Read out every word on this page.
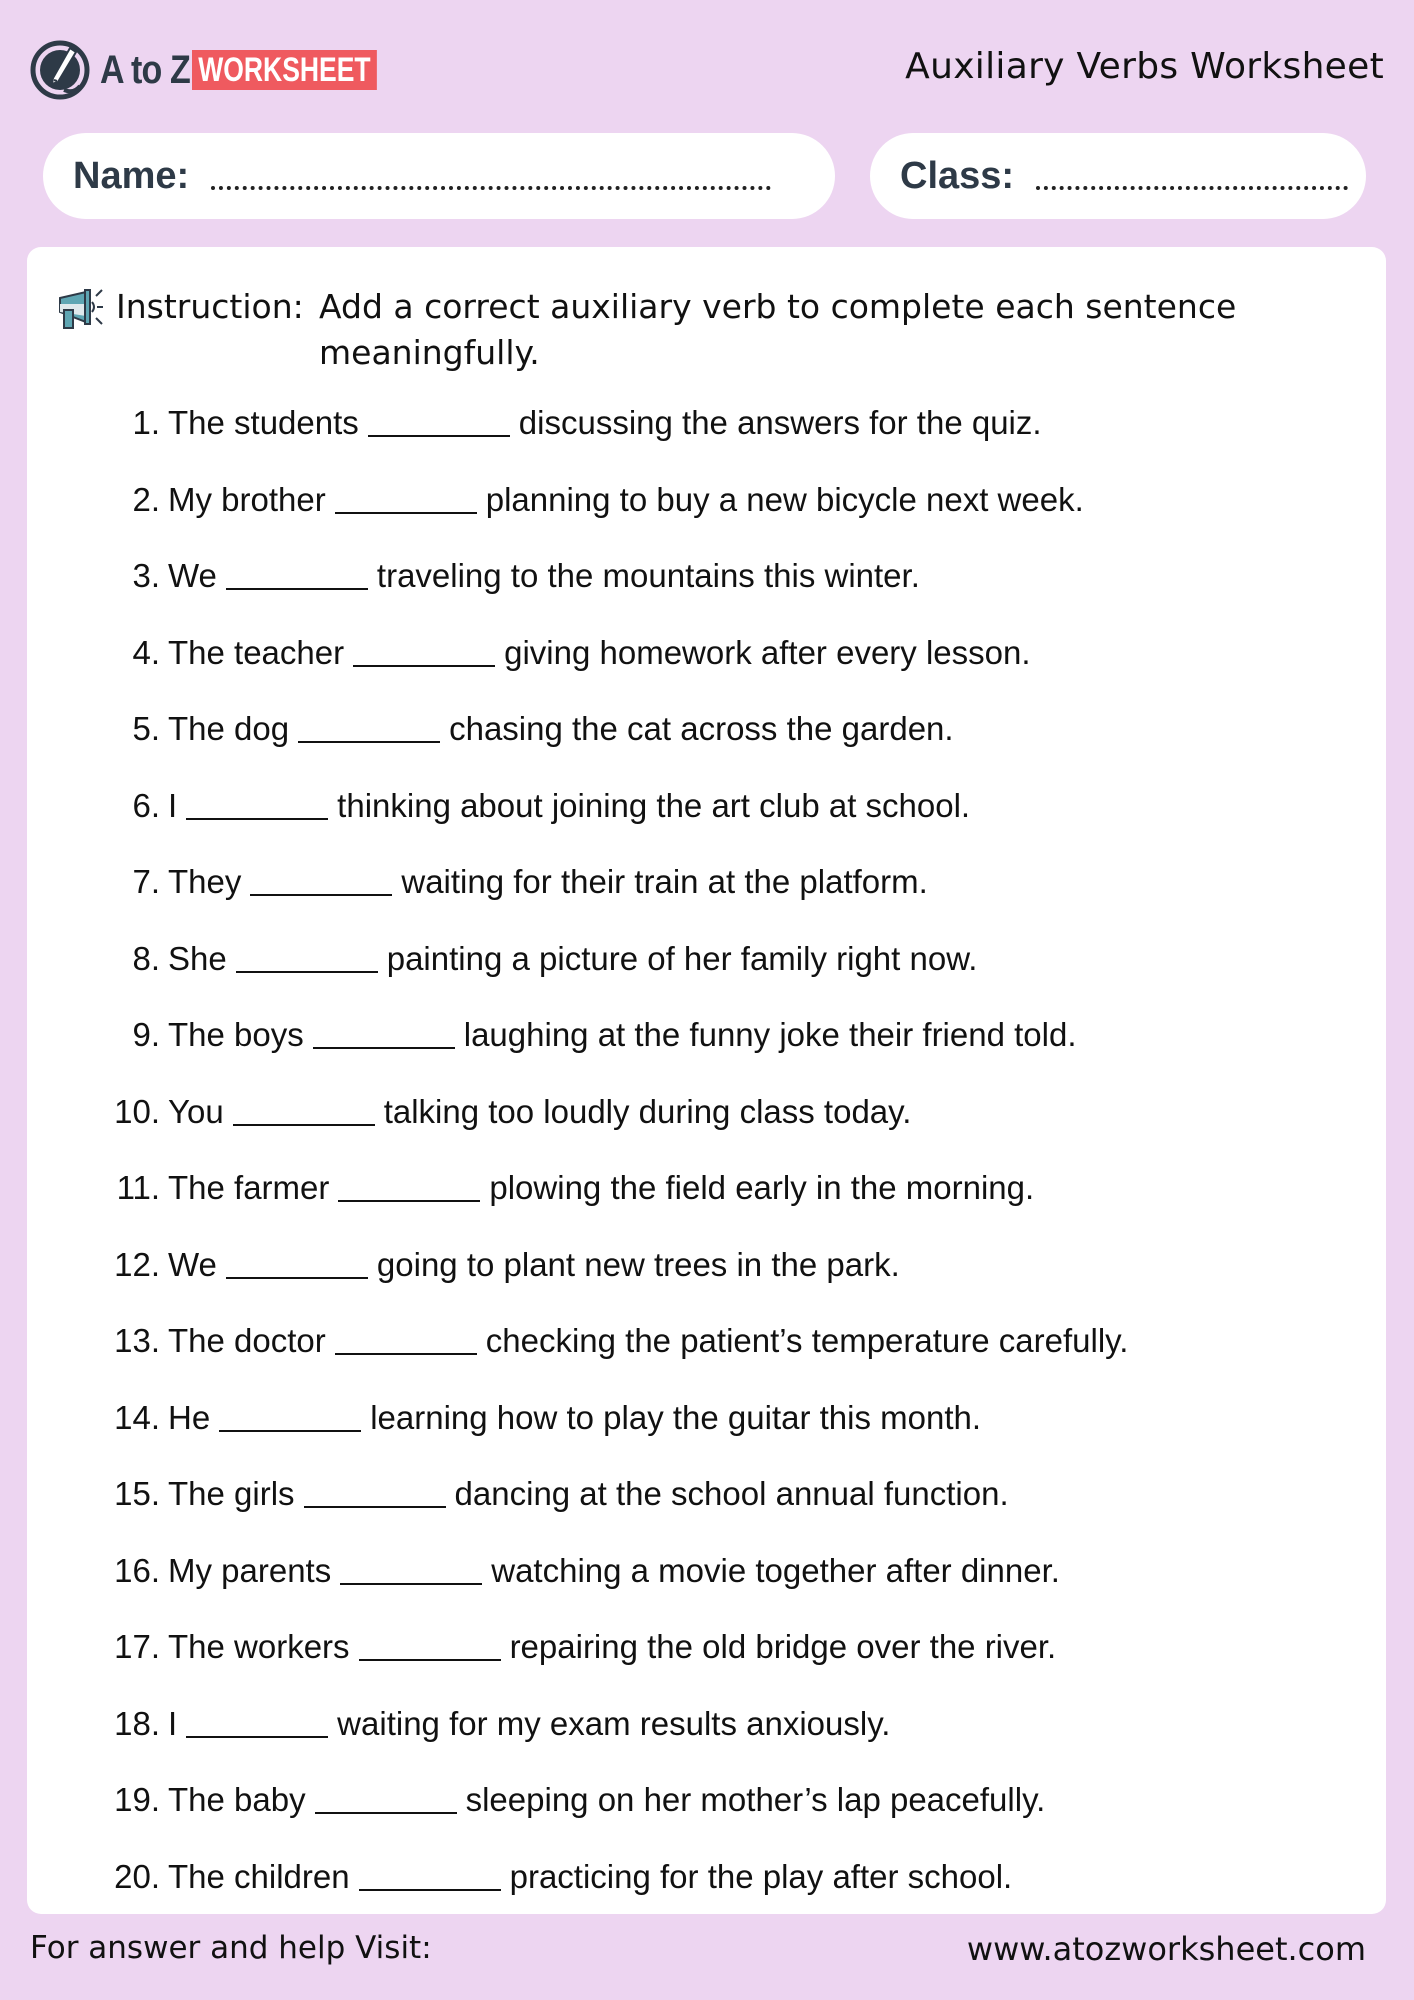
A to Z WORKSHEET	Auxiliary Verbs Worksheet
Name:	Class:
Instruction: Add a correct auxiliary verb to complete each sentence meaningfully.
1. The students	discussing the answers for the quiz.
2. My brother	planning to buy a new bicycle next week.
3. We	traveling to the mountains this winter.
4. The teacher	giving homework after every lesson.
5. The dog	chasing the cat across the garden.
6. I	thinking about joining the art club at school.
7. They	waiting for their train at the platform.
8. She	painting a picture of her family right now.
9. The boys	laughing at the funny joke their friend told.
10. You	talking too loudly during class today.
11. The farmer	plowing the field early in the morning.
12. We	going to plant new trees in the park.
13. The doctor	checking the patient’s temperature carefully.
14. He	learning how to play the guitar this month.
15. The girls	dancing at the school annual function.
16. My parents	watching a movie together after dinner.
17. The workers	repairing the old bridge over the river.
18. I	waiting for my exam results anxiously.
19. The baby	sleeping on her mother’s lap peacefully.
20. The children	practicing for the play after school.
For answer and help Visit:	www.atozworksheet.com
